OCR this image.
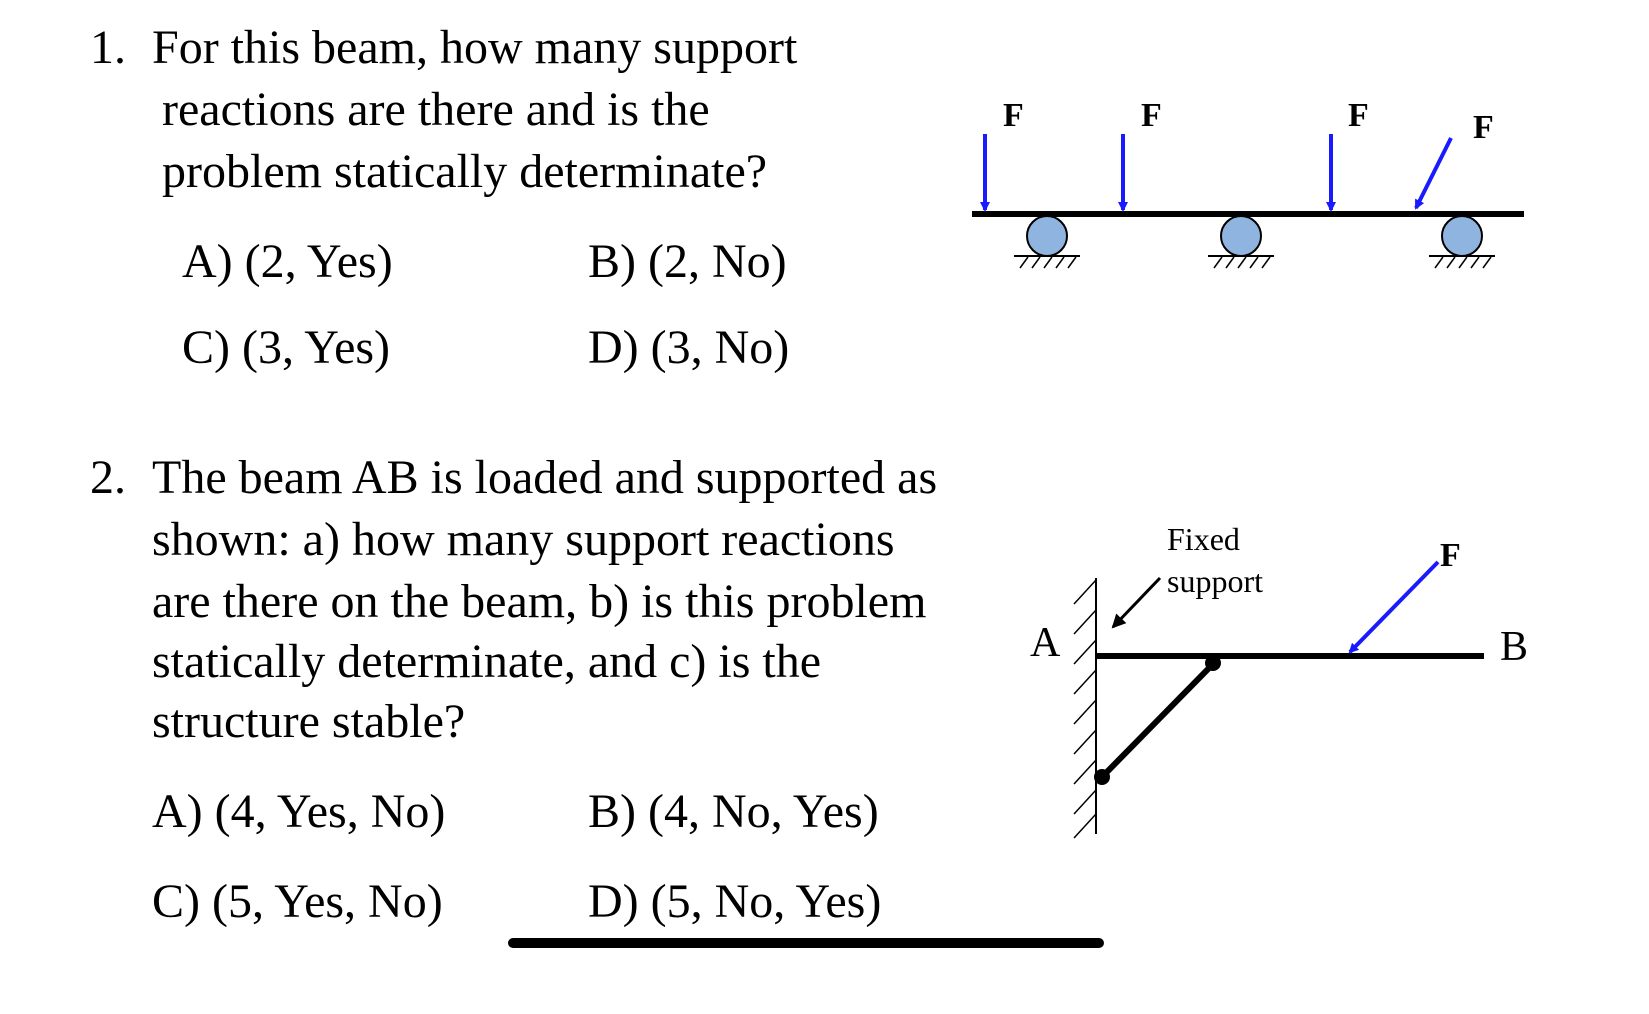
1. For this beam, how many support
reactions are there and is the
problem statically determinate?
A) (2, Yes)	B) (2, No)
C) (3, Yes)	D) (3, No)
2. The beam AB is loaded and supported as
shown: a) how many support reactions
are there on the beam, b) is this problem
statically determinate, and c) is the
structure stable?
A) (4, Yes, No)	B) (4, No, Yes)
C) (5, Yes, No)	D) (5, No, Yes)
F	F	F	F
A	B
F
Fixed
support
